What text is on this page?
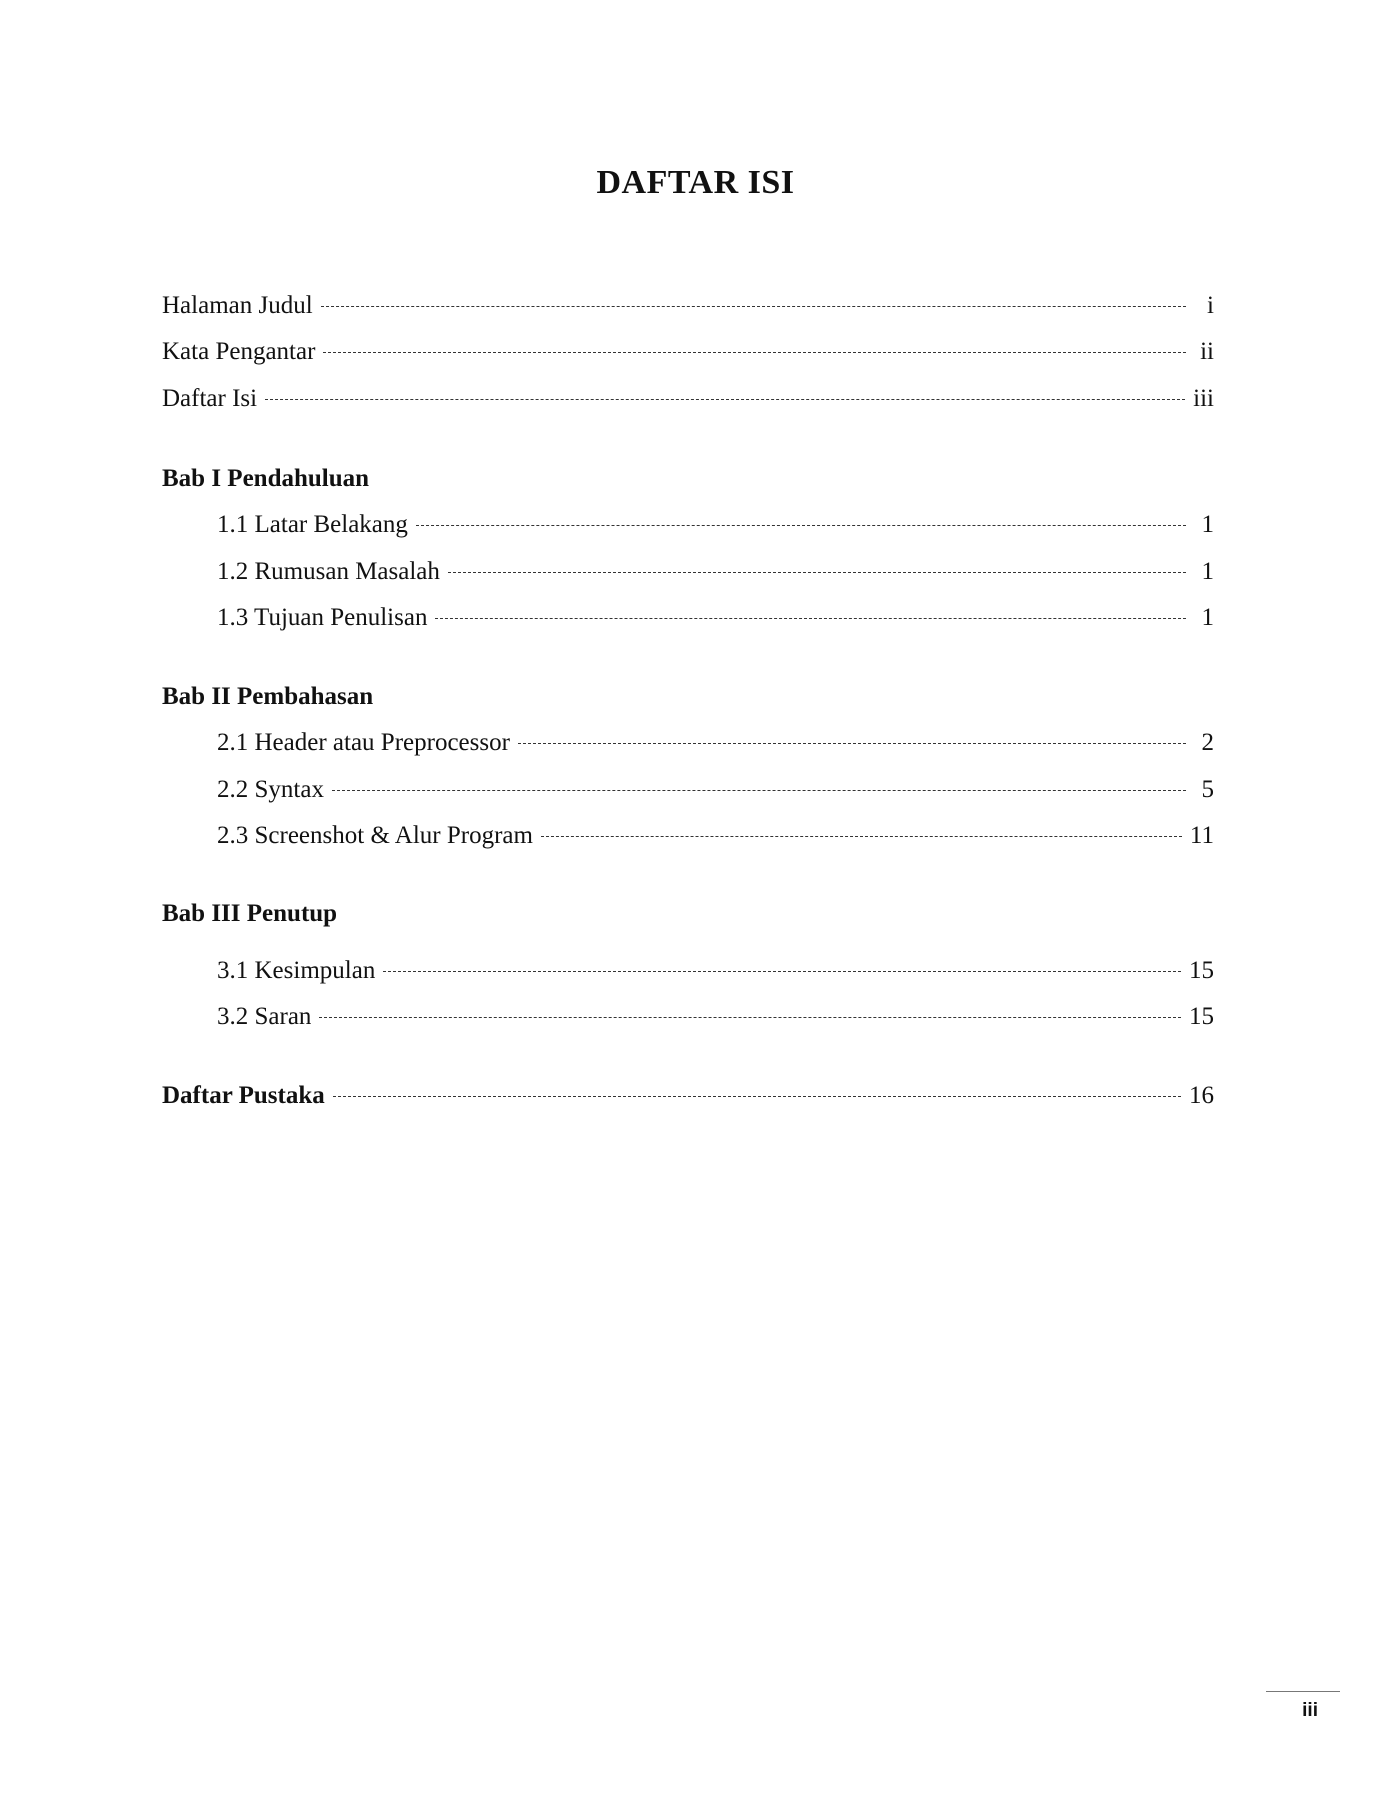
DAFTAR ISI
Halaman Judul	i
Kata Pengantar	ii
Daftar Isi	iii
Bab I Pendahuluan
1.1 Latar Belakang	1
1.2 Rumusan Masalah	1
1.3 Tujuan Penulisan	1
Bab II Pembahasan
2.1 Header atau Preprocessor	2
2.2 Syntax	5
2.3 Screenshot & Alur Program	11
Bab III Penutup
3.1 Kesimpulan	15
3.2 Saran	15
Daftar Pustaka	16
iii
